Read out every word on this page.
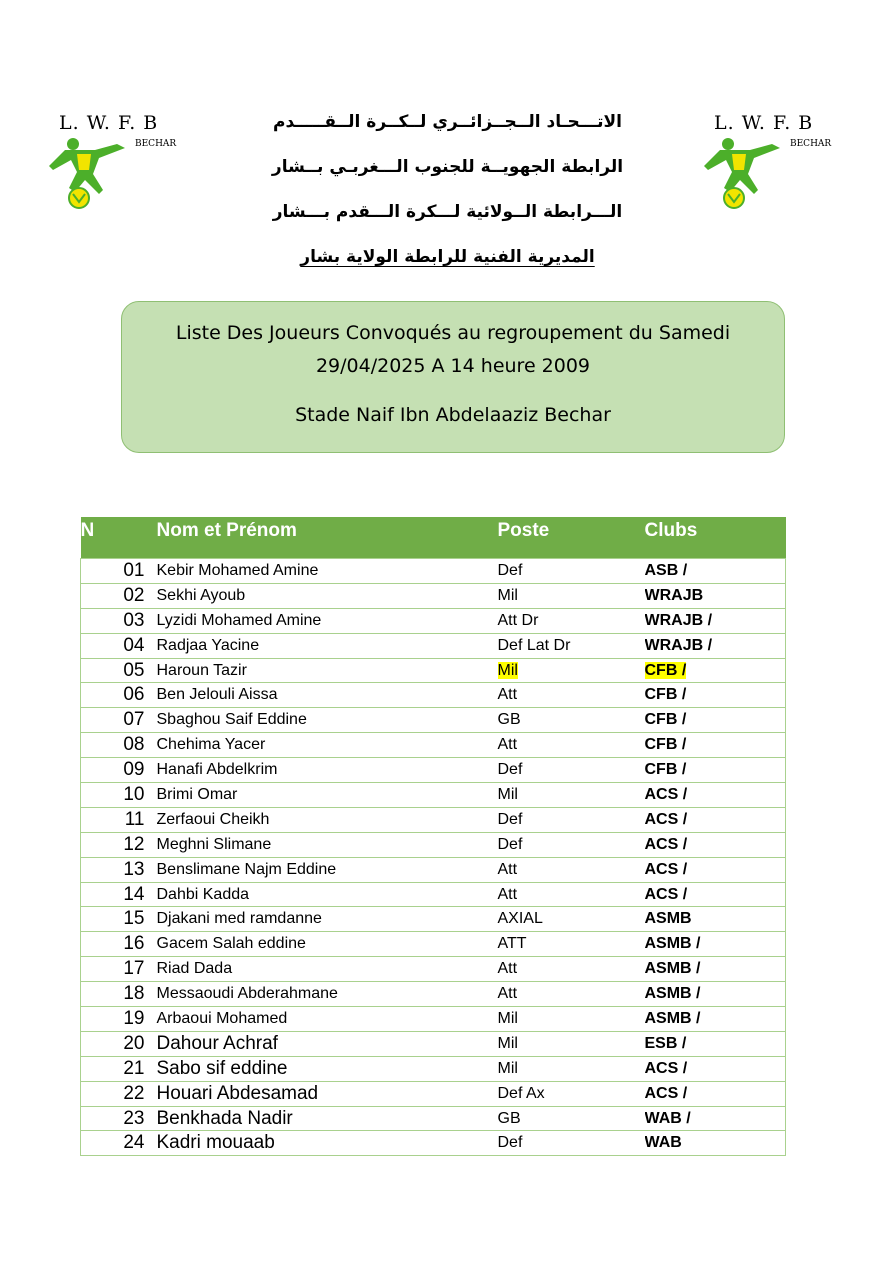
L. W. F. B
BECHAR
L. W. F. B
BECHAR
الاتـــحـاد الــجــزائــري لــكــرة الــقـــــدم
الرابطة الجهويــة للجنوب الـــغربـي بــشار
الـــرابطة الــولائية لـــكرة الـــقدم بـــشار
المديرية الفنية للرابطة الولاية بشار
Liste Des Joueurs Convoqués au regroupement du Samedi
29/04/2025 A 14 heure 2009
Stade Naif Ibn Abdelaaziz Bechar
N	Nom et Prénom	Poste	Clubs
01	Kebir Mohamed Amine	Def	ASB /
02	Sekhi Ayoub	Mil	WRAJB
03	Lyzidi Mohamed Amine	Att Dr	WRAJB /
04	Radjaa Yacine	Def Lat Dr	WRAJB /
05	Haroun Tazir	Mil	CFB /
06	Ben Jelouli Aissa	Att	CFB /
07	Sbaghou Saif Eddine	GB	CFB /
08	Chehima Yacer	Att	CFB /
09	Hanafi Abdelkrim	Def	CFB /
10	Brimi Omar	Mil	ACS /
11	Zerfaoui Cheikh	Def	ACS /
12	Meghni Slimane	Def	ACS /
13	Benslimane Najm Eddine	Att	ACS /
14	Dahbi Kadda	Att	ACS /
15	Djakani med ramdanne	AXIAL	ASMB
16	Gacem Salah eddine	ATT	ASMB /
17	Riad Dada	Att	ASMB /
18	Messaoudi Abderahmane	Att	ASMB /
19	Arbaoui Mohamed	Mil	ASMB /
20	Dahour Achraf	Mil	ESB /
21	Sabo sif eddine	Mil	ACS /
22	Houari Abdesamad	Def Ax	ACS /
23	Benkhada Nadir	GB	WAB /
24	Kadri mouaab	Def	WAB
